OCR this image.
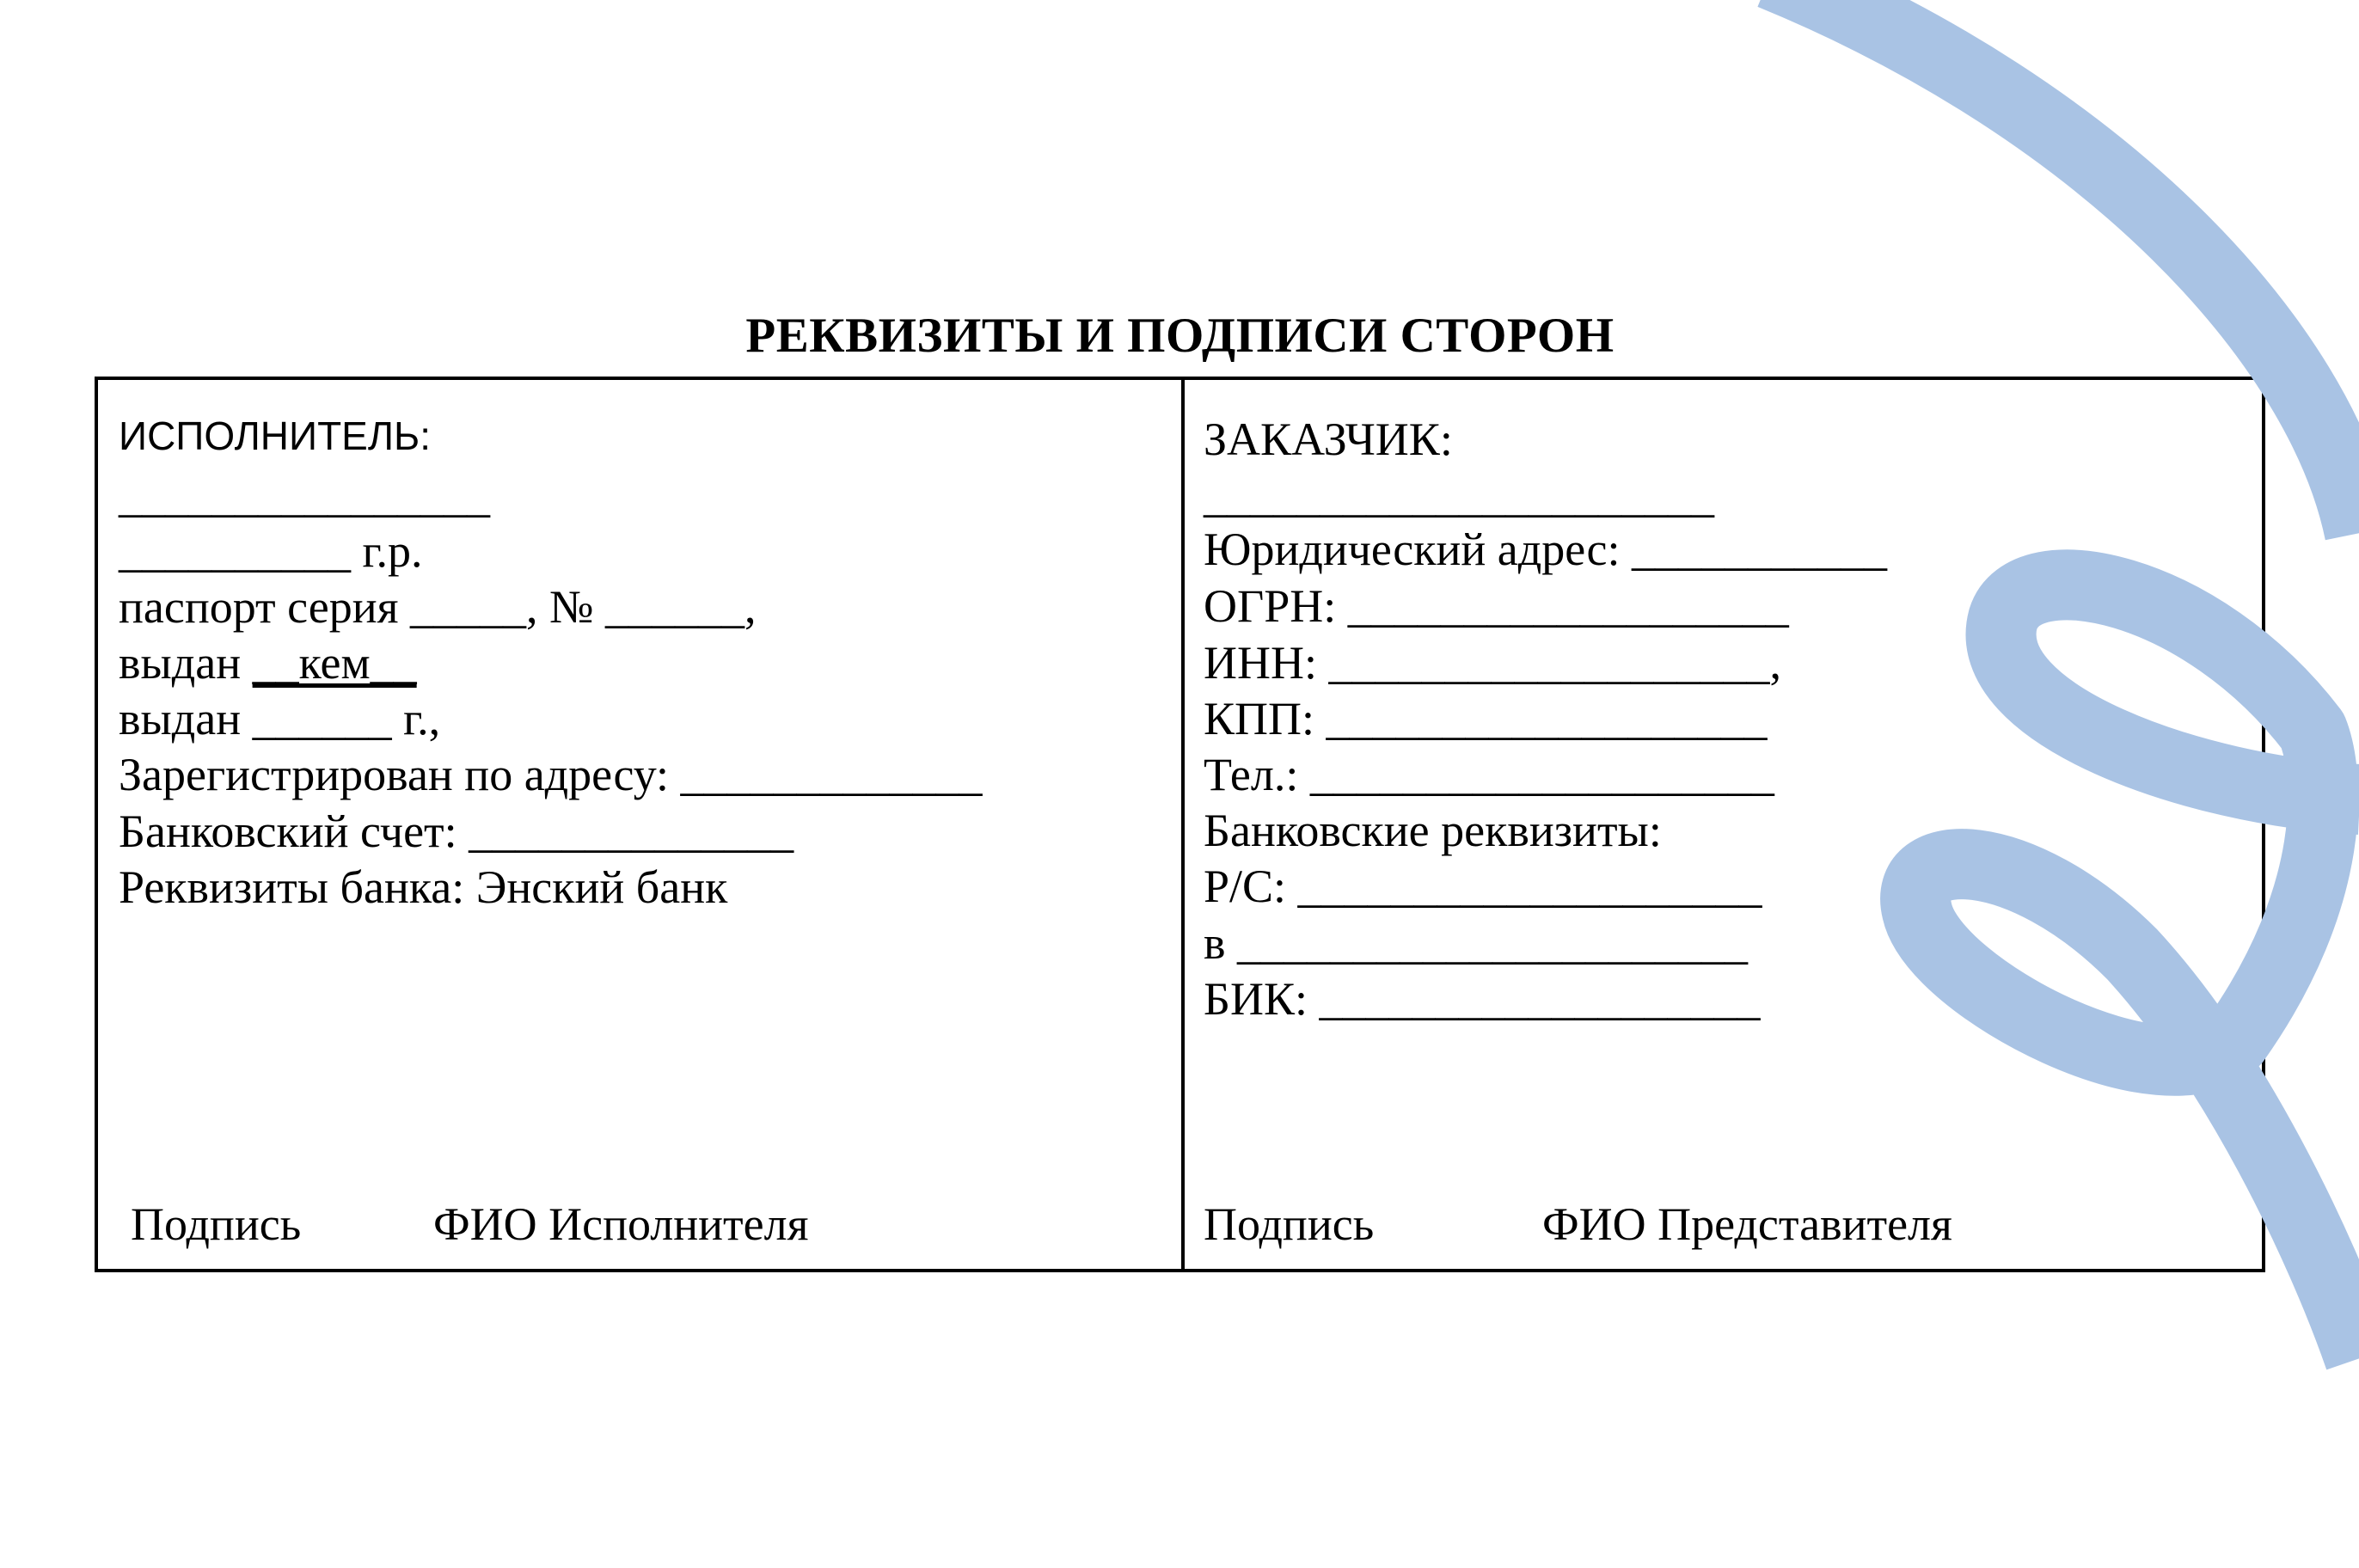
РЕКВИЗИТЫ И ПОДПИСИ СТОРОН
ИСПОЛНИТЕЛЬ:
________________
__________ г.р.
паспорт серия _____, № ______,
выдан __кем__
выдан ______ г.,
Зарегистрирован по адресу: _____________
Банковский счет: ______________
Реквизиты банка: Энский банк
Подпись	ФИО Исполнителя
ЗАКАЗЧИК:
______________________
Юридический адрес: ___________
ОГРН: ___________________
ИНН: ___________________,
КПП: ___________________
Тел.: ____________________
Банковские реквизиты:
Р/С: ____________________
в ______________________
БИК: ___________________
Подпись	ФИО Представителя
